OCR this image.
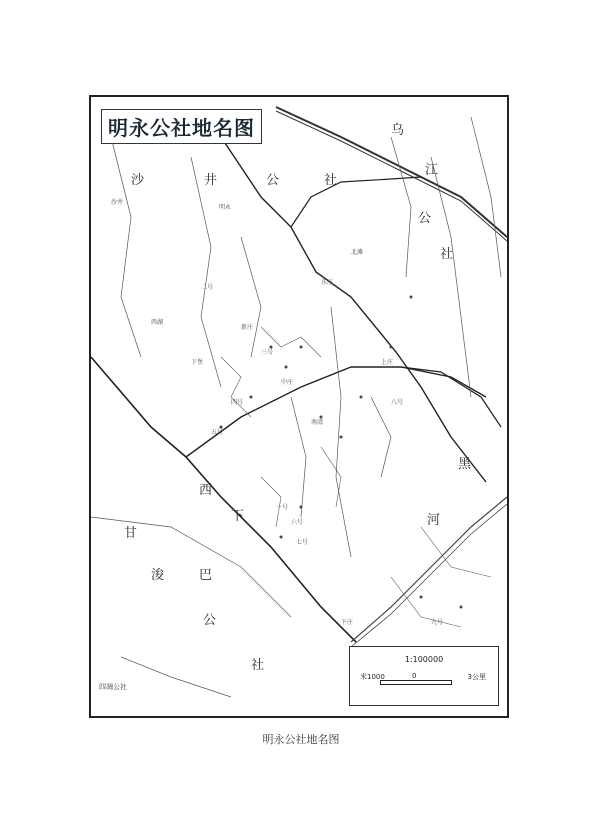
明永公社地名图
沙	井	公	社
乌
江
公
社
黑
河
甘
浚	巴
公
社
西
下
明永
沙井
西湖
下堡
二号
新庄
三号
中庄
四号
五号
东庄
南湾
北滩
一号
六号
七号
八号
九号
上庄
下庄
四凋公社
1:100000
米1000	0	3公里
明永公社地名图
